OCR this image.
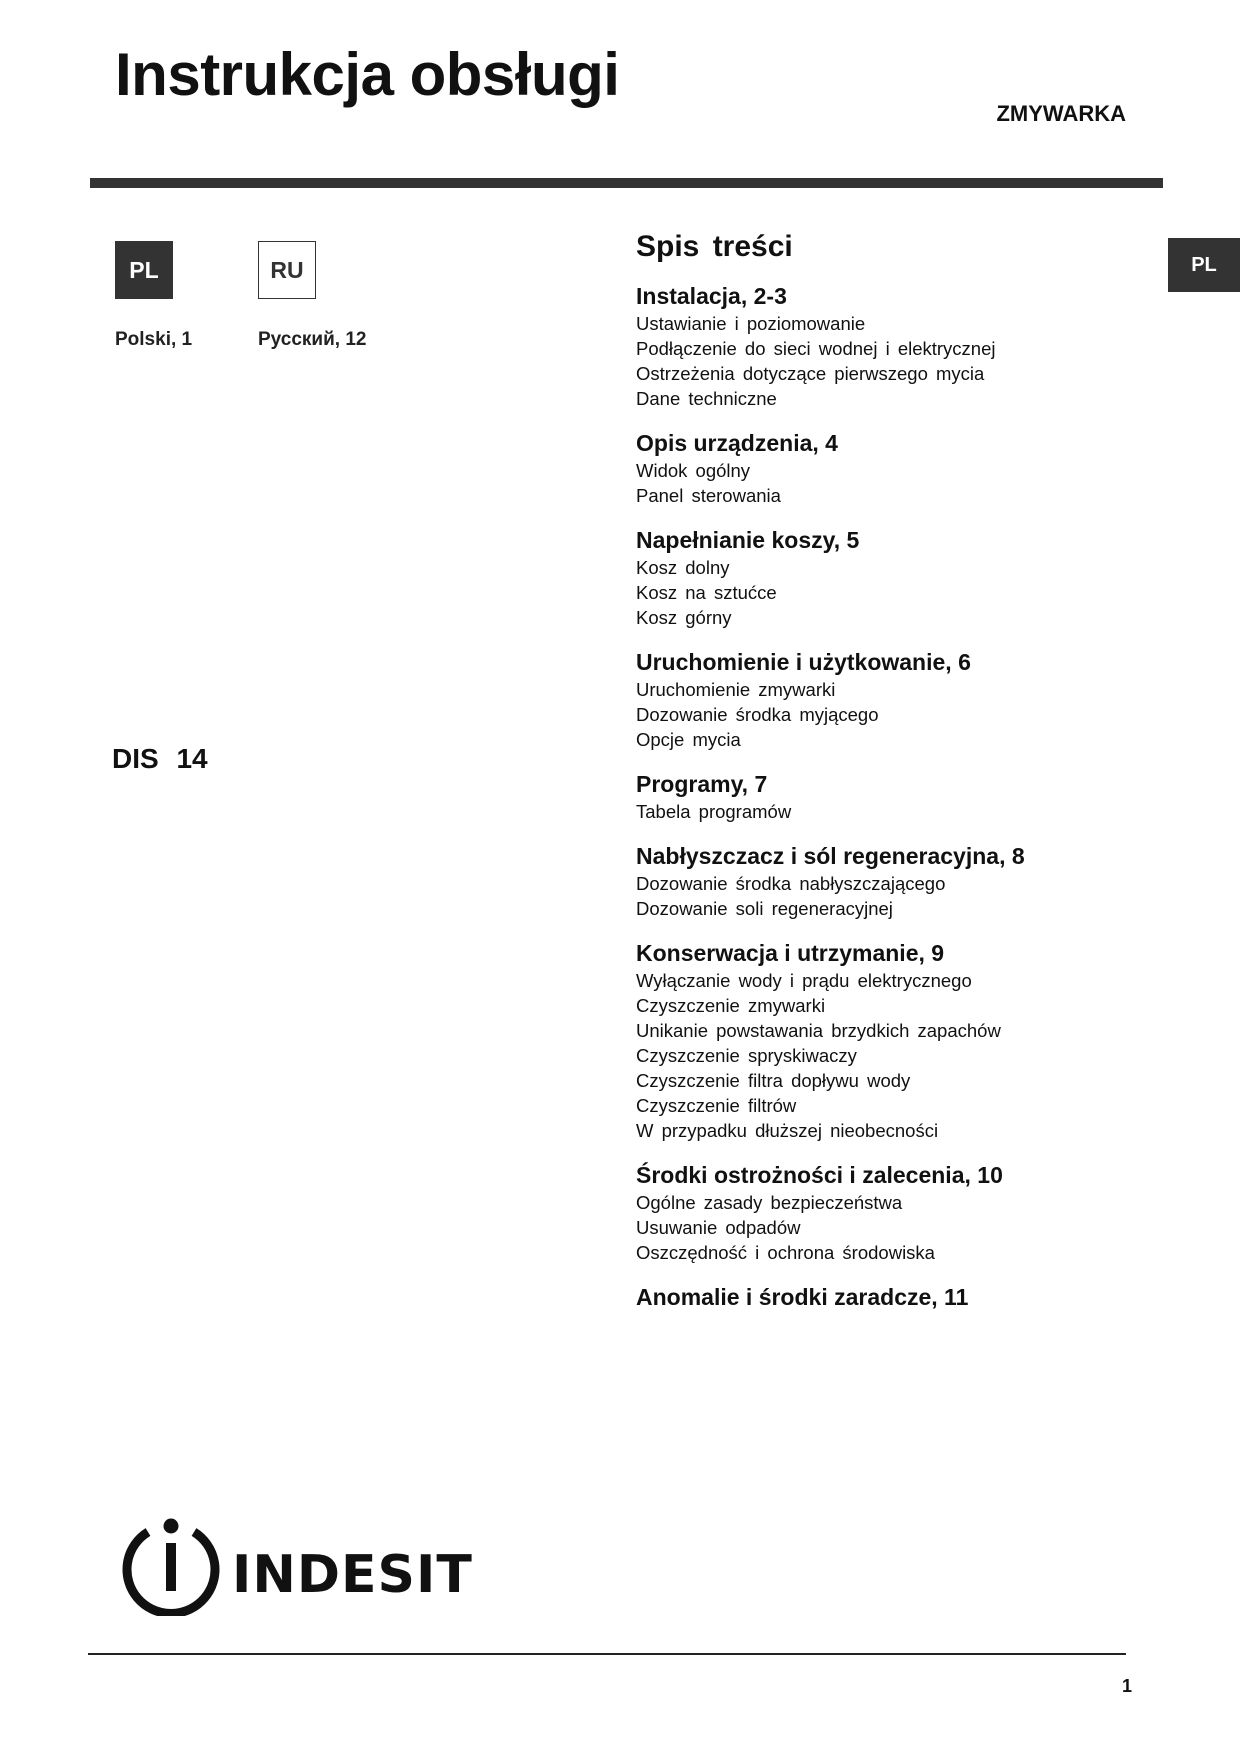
Instrukcja obsługi
ZMYWARKA
PL
PL	RU
Polski, 1	Русский, 12
DIS 14
Spis treści
Instalacja, 2-3
Ustawianie i poziomowanie
Podłączenie do sieci wodnej i elektrycznej
Ostrzeżenia dotyczące pierwszego mycia
Dane techniczne
Opis urządzenia, 4
Widok ogólny
Panel sterowania
Napełnianie koszy, 5
Kosz dolny
Kosz na sztućce
Kosz górny
Uruchomienie i użytkowanie, 6
Uruchomienie zmywarki
Dozowanie środka myjącego
Opcje mycia
Programy, 7
Tabela programów
Nabłyszczacz i sól regeneracyjna, 8
Dozowanie środka nabłyszczającego
Dozowanie soli regeneracyjnej
Konserwacja i utrzymanie, 9
Wyłączanie wody i prądu elektrycznego
Czyszczenie zmywarki
Unikanie powstawania brzydkich zapachów
Czyszczenie spryskiwaczy
Czyszczenie filtra dopływu wody
Czyszczenie filtrów
W przypadku dłuższej nieobecności
Środki ostrożności i zalecenia, 10
Ogólne zasady bezpieczeństwa
Usuwanie odpadów
Oszczędność i ochrona środowiska
Anomalie i środki zaradcze, 11
INDESIT
1
